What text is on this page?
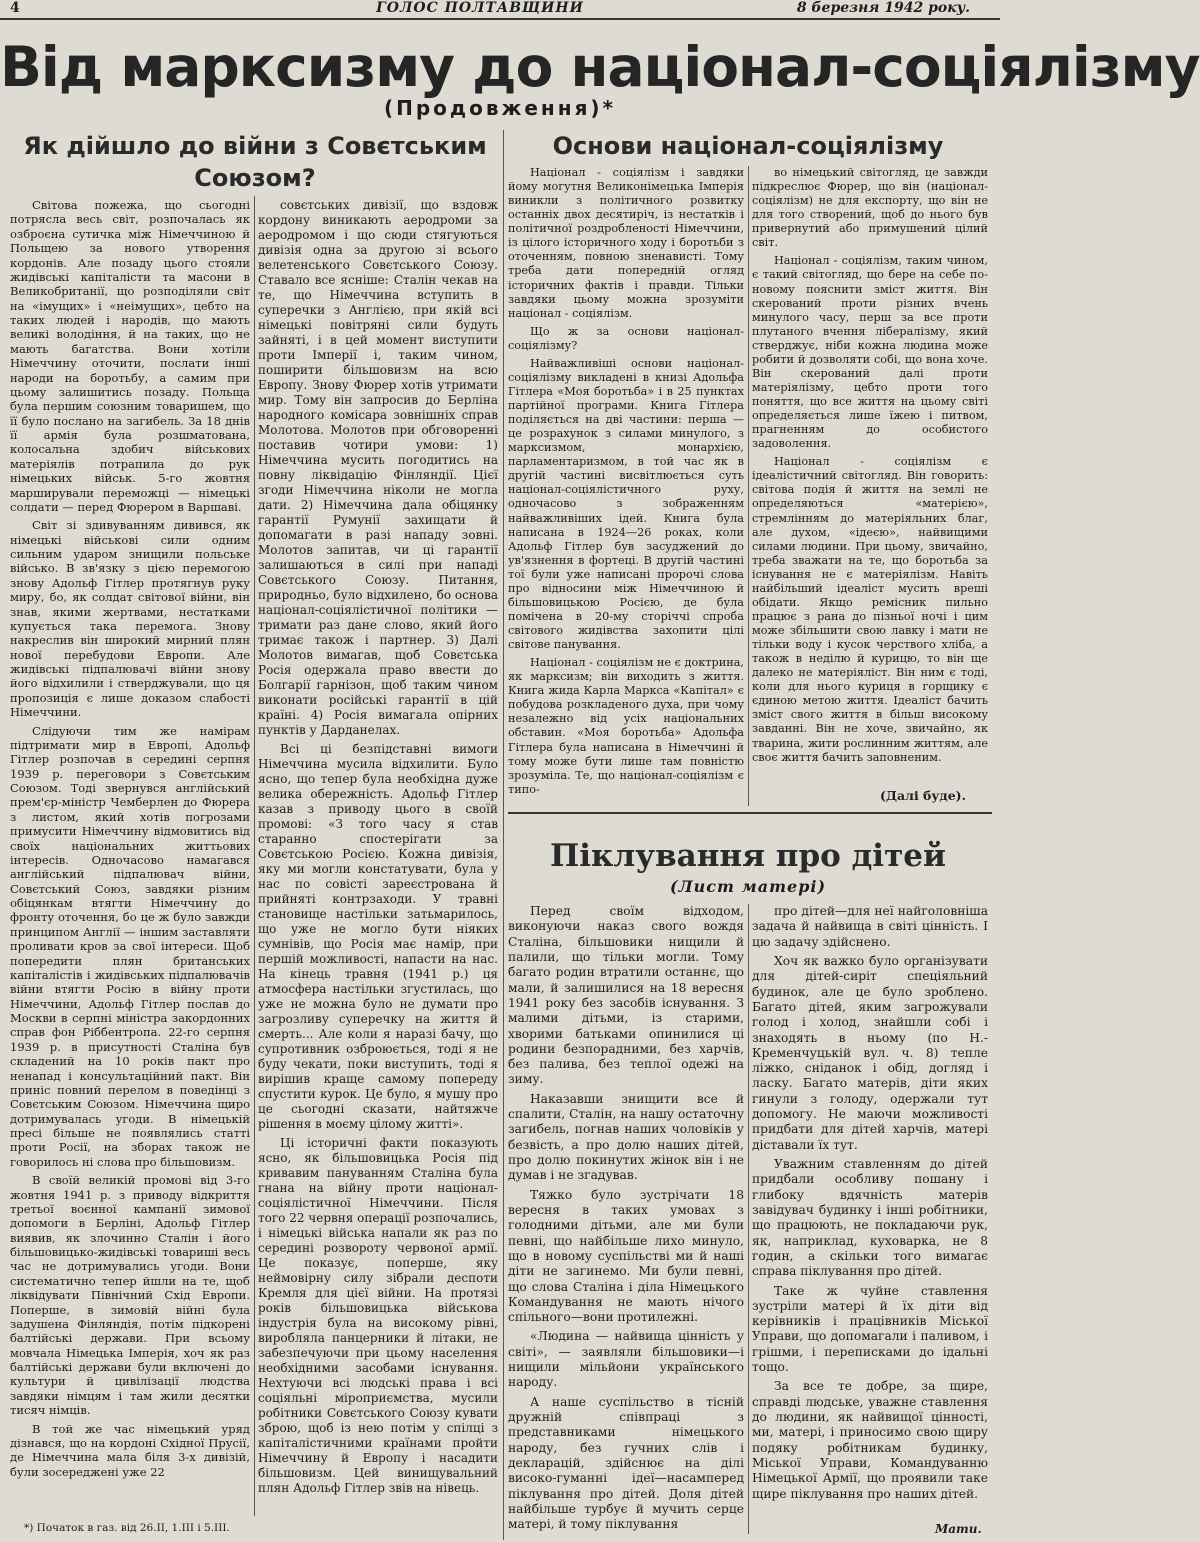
4	ГОЛОС ПОЛТАВЩИНИ	8 березня 1942 року.
Від марксизму до націонал-соціялізму
(Продовження)*
Як дійшло до війни з Совєтським Союзом?

Світова пожежа, що сьогодні потрясла весь світ, розпочалась як озброєна сутичка між Німеччиною й Польщею за нового утворення кордонів. Але позаду цього стояли жидівські капіталісти та масони в Великобританії, що розподіляли світ на «імущих» і «неімущих», цебто на таких людей і народів, що мають великі володіння, й на таких, що не мають багатства. Вони хотіли Німеччину оточити, послати інші народи на боротьбу, а самим при цьому залишитись позаду. Польща була першим союзним товаришем, що її було послано на загибель. За 18 днів її армія була розшматована, колосальна здобич військових матеріялів потрапила до рук німецьких військ. 5-го жовтня марширували переможці — німецькі солдати — перед Фюрером в Варшаві.

Світ зі здивуванням дивився, як німецькі військові сили одним сильним ударом знищили польське військо. В зв'язку з цією перемогою знову Адольф Гітлер протягнув руку миру, бо, як солдат світової війни, він знав, якими жертвами, нестатками купується така перемога. Знову накреслив він широкий мирний плян нової перебудови Европи. Але жидівські підпалювачі війни знову його відхилили і стверджували, що ця пропозиція є лише доказом слабості Німеччини.

Слідуючи тим же намірам підтримати мир в Европі, Адольф Гітлер розпочав в середині серпня 1939 р. переговори з Совєтським Союзом. Тоді звернувся англійський прем'єр-міністр Чемберлен до Фюрера з листом, який хотів погрозами примусити Німеччину відмовитись від своїх національних життьових інтересів. Одночасово намагався англійський підпалювач війни, Совєтський Союз, завдяки різним обіцянкам втягти Німеччину до фронту оточення, бо це ж було завжди принципом Англії — іншим заставляти проливати кров за свої інтереси. Щоб попередити плян британських капіталістів і жидівських підпалювачів війни втягти Росію в війну проти Німеччини, Адольф Гітлер послав до Москви в серпні міністра закордонних справ фон Ріббентропа. 22-го серпня 1939 р. в присутності Сталіна був складений на 10 років пакт про ненапад і консультаційний пакт. Він приніс повний перелом в поведінці з Совєтським Союзом. Німеччина щиро дотримувалась угоди. В німецькій пресі більше не появлялись статті проти Росії, на зборах також не говорилось ні слова про більшовизм.

В своїй великій промові від 3-го жовтня 1941 р. з приводу відкриття третьої воєнної кампанії зимової допомоги в Берліні, Адольф Гітлер виявив, як злочинно Сталін і його більшовицько-жидівські товариші весь час не дотримувались угоди. Вони систематично тепер йшли на те, щоб ліквідувати Північний Схід Европи. Поперше, в зимовій війні була задушена Фінляндія, потім підкорені балтійські держави. При всьому мовчала Німецька Імперія, хоч як раз балтійські держави були включені до культури й цивілізації людства завдяки німцям і там жили десятки тисяч німців.

В той же час німецький уряд дізнався, що на кордоні Східної Прусії, де Німеччина мала біля 3-х дивізій, були зосереджені уже 22

совєтських дивізії, що вздовж кордону виникають аеродроми за аеродромом і що сюди стягуються дивізія одна за другою зі всього велетенського Совєтського Союзу. Ставало все ясніше: Сталін чекав на те, що Німеччина вступить в суперечки з Англією, при якій всі німецькі повітряні сили будуть зайняті, і в цей момент виступити проти Імперії і, таким чином, поширити більшовизм на всю Европу. Знову Фюрер хотів утримати мир. Тому він запросив до Берліна народного комісара зовнішніх справ Молотова. Молотов при обговоренні поставив чотири умови: 1) Німеччина мусить погодитись на повну ліквідацію Фінляндії. Цієї згоди Німеччина ніколи не могла дати. 2) Німеччина дала обіцянку гарантії Румунії захищати й допомагати в разі нападу зовні. Молотов запитав, чи ці гарантії залишаються в силі при нападі Совєтського Союзу. Питання, природньо, було відхилено, бо основа націонал-соціялістичної політики — тримати раз дане слово, який його тримає також і партнер. 3) Далі Молотов вимагав, щоб Совєтська Росія одержала право ввести до Болгарії гарнізон, щоб таким чином виконати російські гарантії в цій країні. 4) Росія вимагала опірних пунктів у Дарданелах.

Всі ці безпідставні вимоги Німеччина мусила відхилити. Було ясно, що тепер була необхідна дуже велика обережність. Адольф Гітлер казав з приводу цього в своїй промові: «З того часу я став старанно спостерігати за Совєтською Росією. Кожна дивізія, яку ми могли констатувати, була у нас по совісті зареєстрована й прийняті контрзаходи. У травні становище настільки затьмарилось, що уже не могло бути ніяких сумнівів, що Росія має намір, при першій можливості, напасти на нас. На кінець травня (1941 р.) ця атмосфера настільки згустилась, що уже не можна було не думати про загрозливу суперечку на життя й смерть... Але коли я наразі бачу, що супротивник озброюється, тоді я не буду чекати, поки виступить, тоді я вирішив краще самому попереду спустити курок. Це було, я мушу про це сьогодні сказати, найтяжче рішення в моєму цілому житті».

Ці історичні факти показують ясно, як більшовицька Росія під кривавим пануванням Сталіна була гнана на війну проти націонал-соціялістичної Німеччини. Після того 22 червня операції розпочались, і німецькі війська напали як раз по середині розвороту червоної армії. Це показує, поперше, яку неймовірну силу зібрали деспоти Кремля для цієї війни. На протязі років більшовицька військова індустрія була на високому рівні, виробляла панцерники й літаки, не забезпечуючи при цьому населення необхідними засобами існування. Нехтуючи всі людські права і всі соціяльні міроприємства, мусили робітники Совєтського Союзу кувати зброю, щоб із нею потім у спілці з капіталістичними країнами пройти Німеччину й Европу і насадити більшовизм. Цей винищувальний плян Адольф Гітлер звів на нівець.

*) Початок в газ. від 26.II, 1.III і 5.III.
Основи націонал-соціялізму

Націонал - соціялізм і завдяки йому могутня Великонімецька Імперія виникли з політичного розвитку останніх двох десятиріч, із нестатків і політичної роздробленості Німеччини, із цілого історичного ходу і боротьби з оточенням, повною зненависті. Тому треба дати попередній огляд історичних фактів і правди. Тільки завдяки цьому можна зрозуміти націонал - соціялізм.

Що ж за основи націонал-соціялізму?

Найважливіші основи націонал-соціялізму викладені в книзі Адольфа Гітлера «Моя боротьба» і в 25 пунктах партійної програми. Книга Гітлера поділяється на дві частини: перша — це розрахунок з силами минулого, з марксизмом, монархією, парламентаризмом, в той час як в другій частині висвітлюється суть націонал-соціялістичного руху, одночасово з зображенням найважливіших ідей. Книга була написана в 1924—26 роках, коли Адольф Гітлер був засуджений до ув'язнення в фортеці. В другій частині тої були уже написані пророчі слова про відносини між Німеччиною й більшовицькою Росією, де була помічена в 20-му сторіччі спроба світового жидівства захопити цілі світове панування.

Націонал - соціялізм не є доктрина, як марксизм; він виходить з життя. Книга жида Карла Маркса «Капітал» є побудова розкладеного духа, при чому незалежно від усіх національних обставин. «Моя боротьба» Адольфа Гітлера була написана в Німеччині й тому може бути лише там повністю зрозуміла. Те, що націонал-соціялізм є типо-

во німецький світогляд, це завжди підкреслює Фюрер, що він (націонал-соціялізм) не для експорту, що він не для того створений, щоб до нього був привернутий або примушений цілий світ.

Націонал - соціялізм, таким чином, є такий світогляд, що бере на себе по-новому пояснити зміст життя. Він скерований проти різних вчень минулого часу, перш за все проти плутаного вчення лібералізму, який стверджує, ніби кожна людина може робити й дозволяти собі, що вона хоче. Він скерований далі проти матеріялізму, цебто проти того поняття, що все життя на цьому світі определяється лише їжею і питвом, прагненням до особистого задоволення.

Націонал - соціялізм є ідеалістичний світогляд. Він говорить: світова подія й життя на землі не определяються «матерією», стремлінням до матеріяльних благ, але духом, «ідеєю», найвищими силами людини. При цьому, звичайно, треба зважати на те, що боротьба за існування не є матеріялізм. Навіть найбільший ідеаліст мусить вреші обідати. Якщо ремісник пильно працює з рана до пізньої ночі і цим може збільшити свою лавку і мати не тільки воду і кусок черствого хліба, а також в неділю й курицю, то він ще далеко не матеріяліст. Він ним є тоді, коли для нього куриця в горщику є єдиною метою життя. Ідеаліст бачить зміст свого життя в більш високому завданні. Він не хоче, звичайно, як тварина, жити рослинним життям, але своє життя бачить заповненим.

(Далі буде).
Піклування про дітей
(Лист матері)

Перед своїм відходом, виконуючи наказ свого вождя Сталіна, більшовики нищили й палили, що тільки могли. Тому багато родин втратили останнє, що мали, й залишилися на 18 вересня 1941 року без засобів існування. З малими дітьми, із старими, хворими батьками опинилися ці родини безпорадними, без харчів, без палива, без теплої одежі на зиму.

Наказавши знищити все й спалити, Сталін, на нашу остаточну загибель, погнав наших чоловіків у безвість, а про долю наших дітей, про долю покинутих жінок він і не думав і не згадував.

Тяжко було зустрічати 18 вересня в таких умовах з голодними дітьми, але ми були певні, що найбільше лихо минуло, що в новому суспільстві ми й наші діти не загинемо. Ми були певні, що слова Сталіна і діла Німецького Командування не мають нічого спільного—вони протилежні.

«Людина — найвища цінність у світі», — заявляли більшовики—і нищили мільйони українського народу.

А наше суспільство в тісній дружній співпраці з представниками німецького народу, без гучних слів і декларацій, здійснює на ділі високо-гуманні ідеї—насамперед піклування про дітей. Доля дітей найбільше турбує й мучить серце матері, й тому піклування

про дітей—для неї найголовніша задача й найвища в світі цінність. І цю задачу здійснено.

Хоч як важко було організувати для дітей-сиріт спеціяльний будинок, але це було зроблено. Багато дітей, яким загрожували голод і холод, знайшли собі і знаходять в ньому (по Н.-Кременчуцькій вул. ч. 8) тепле ліжко, сніданок і обід, догляд і ласку. Багато матерів, діти яких гинули з голоду, одержали тут допомогу. Не маючи можливості придбати для дітей харчів, матері діставали їх тут.

Уважним ставленням до дітей придбали особливу пошану і глибоку вдячність матерів завідувач будинку і інші робітники, що працюють, не покладаючи рук, як, наприклад, куховарка, не 8 годин, а скільки того вимагає справа піклування про дітей.

Таке ж чуйне ставлення зустріли матері й їх діти від керівників і працівників Міської Управи, що допомагали і паливом, і грішми, і переписками до ідальні тощо.

За все те добре, за щире, справді людське, уважне ставлення до людини, як найвищої цінності, ми, матері, і приносимо свою щиру подяку робітникам будинку, Міської Управи, Командуванню Німецької Армії, що проявили таке щире піклування про наших дітей.

Мати.
